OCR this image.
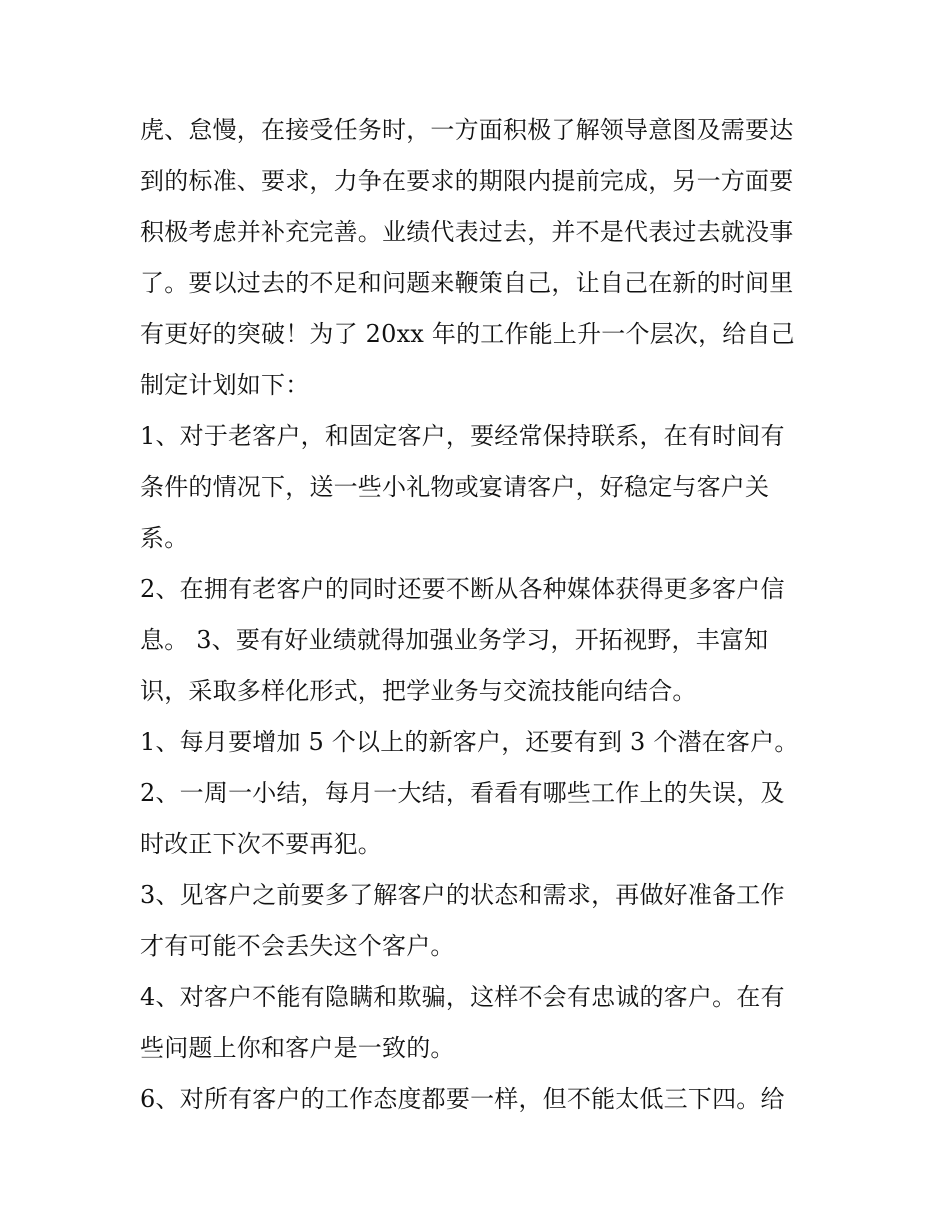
虎、怠慢，在接受任务时，一方面积极了解领导意图及需要达
到的标准、要求，力争在要求的期限内提前完成，另一方面要
积极考虑并补充完善。业绩代表过去，并不是代表过去就没事
了。要以过去的不足和问题来鞭策自己，让自己在新的时间里
有更好的突破！为了 20xx 年的工作能上升一个层次，给自己
制定计划如下：
1、对于老客户，和固定客户，要经常保持联系，在有时间有
条件的情况下，送一些小礼物或宴请客户，好稳定与客户关
系。
2、在拥有老客户的同时还要不断从各种媒体获得更多客户信
息。 3、要有好业绩就得加强业务学习，开拓视野，丰富知
识，采取多样化形式，把学业务与交流技能向结合。
1、每月要增加 5 个以上的新客户，还要有到 3 个潜在客户。
2、一周一小结，每月一大结，看看有哪些工作上的失误，及
时改正下次不要再犯。
3、见客户之前要多了解客户的状态和需求，再做好准备工作
才有可能不会丢失这个客户。
4、对客户不能有隐瞒和欺骗，这样不会有忠诚的客户。在有
些问题上你和客户是一致的。
6、对所有客户的工作态度都要一样，但不能太低三下四。给
